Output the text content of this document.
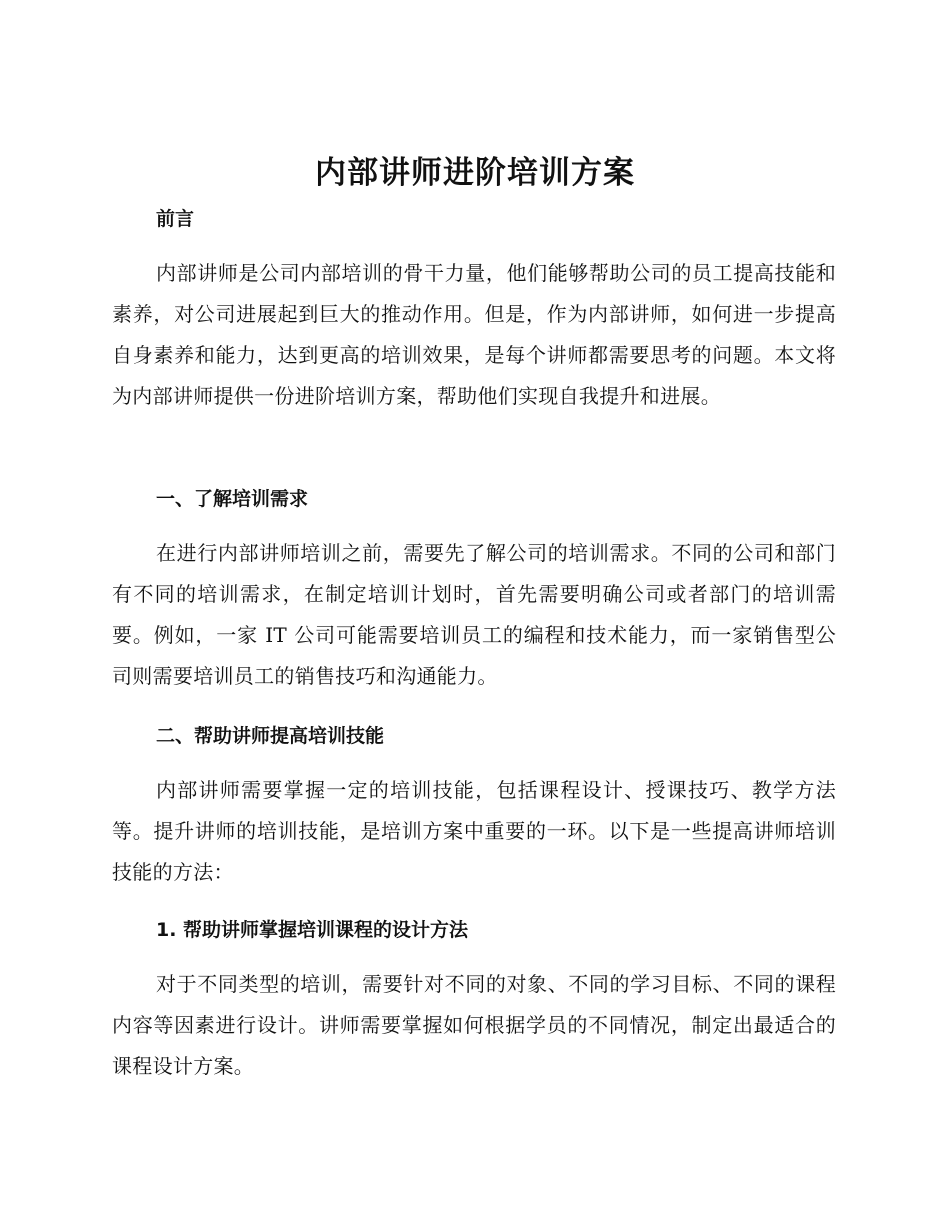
内部讲师进阶培训方案
前言

内部讲师是公司内部培训的骨干力量，他们能够帮助公司的员工提高技能和素养，对公司进展起到巨大的推动作用。但是，作为内部讲师，如何进一步提高自身素养和能力，达到更高的培训效果，是每个讲师都需要思考的问题。本文将为内部讲师提供一份进阶培训方案，帮助他们实现自我提升和进展。

一、了解培训需求

在进行内部讲师培训之前，需要先了解公司的培训需求。不同的公司和部门有不同的培训需求，在制定培训计划时，首先需要明确公司或者部门的培训需要。例如，一家 IT 公司可能需要培训员工的编程和技术能力，而一家销售型公司则需要培训员工的销售技巧和沟通能力。

二、帮助讲师提高培训技能

内部讲师需要掌握一定的培训技能，包括课程设计、授课技巧、教学方法等。提升讲师的培训技能，是培训方案中重要的一环。以下是一些提高讲师培训技能的方法：

1. 帮助讲师掌握培训课程的设计方法

对于不同类型的培训，需要针对不同的对象、不同的学习目标、不同的课程内容等因素进行设计。讲师需要掌握如何根据学员的不同情况，制定出最适合的课程设计方案。
